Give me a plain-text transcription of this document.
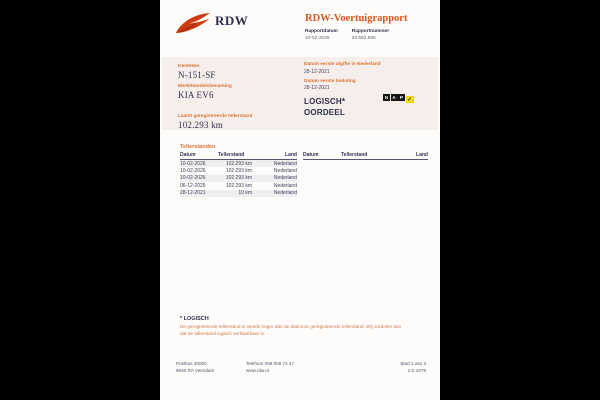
RDW	RDW-Voertuigrapport
Rapportdatum
10-02-2026
Rapportnummer
30.582.866
Kenteken
N-151-SF
Merk/Handelsbenaming
KIA EV6
Laatst geregistreerde tellerstand
102.293 km
Datum eerste afgifte in Nederland
28-12-2021
Datum eerste toelating
28-12-2021
LOGISCH*
OORDEEL
N A P ✓
Tellerstanden
Datum	Tellerstand	Land
10-02-2026	102.293 km	Nederland
10-02-2026	102.293 km	Nederland
10-02-2026	102.293 km	Nederland
06-12-2025	102.293 km	Nederland
28-12-2021	10 km	Nederland
Datum	Tellerstand	Land
* LOGISCH
De geregistreerde tellerstand is steeds hoger dan de daarvoor geregistreerde tellerstand. Wij oordelen dan dat de tellerstand logisch verklaarbaar is.
Postbus 30000
9640 RA Veendam
Telefoon 088 008 74 47
www.rdw.nl
Blad 1 van 3
2 E 1079
